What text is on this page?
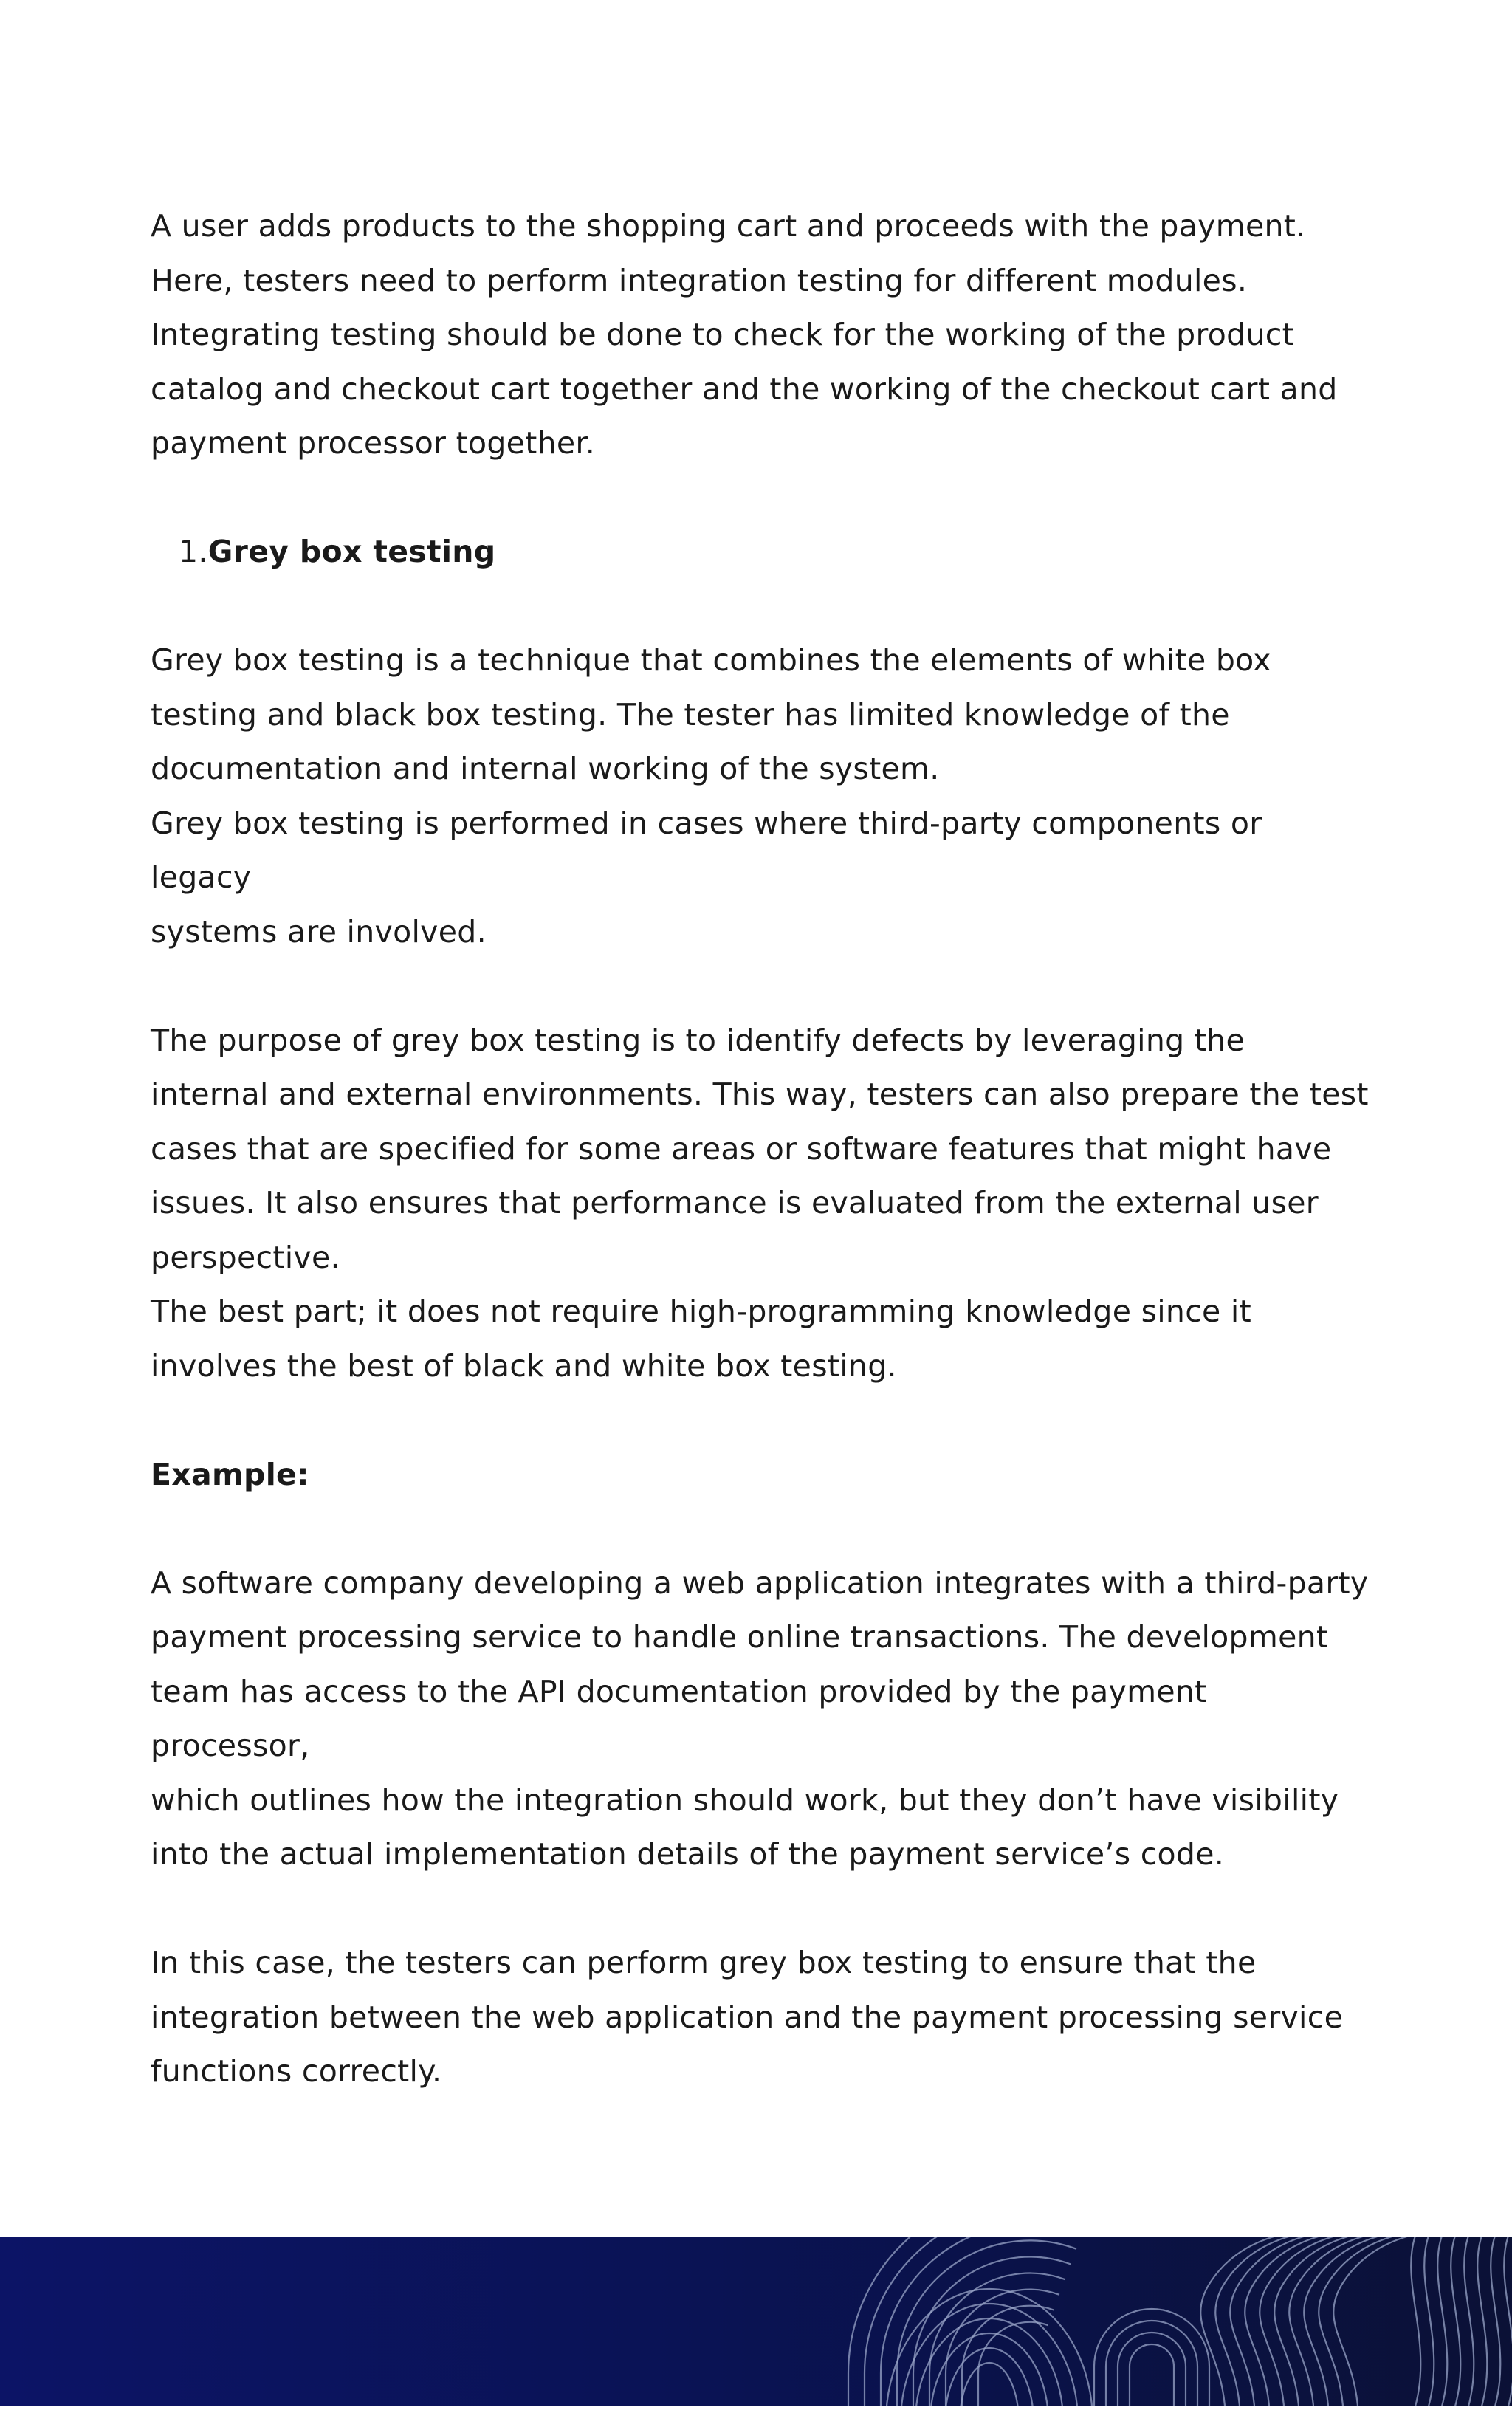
A user adds products to the shopping cart and proceeds with the payment.
Here, testers need to perform integration testing for different modules.
Integrating testing should be done to check for the working of the product
catalog and checkout cart together and the working of the checkout cart and
payment processor together.
1.Grey box testing
Grey box testing is a technique that combines the elements of white box
testing and black box testing. The tester has limited knowledge of the
documentation and internal working of the system.
Grey box testing is performed in cases where third-party components or legacy
systems are involved.
The purpose of grey box testing is to identify defects by leveraging the
internal and external environments. This way, testers can also prepare the test
cases that are specified for some areas or software features that might have
issues. It also ensures that performance is evaluated from the external user
perspective.
The best part; it does not require high-programming knowledge since it
involves the best of black and white box testing.
Example:
A software company developing a web application integrates with a third-party
payment processing service to handle online transactions. The development
team has access to the API documentation provided by the payment processor,
which outlines how the integration should work, but they don’t have visibility
into the actual implementation details of the payment service’s code.
In this case, the testers can perform grey box testing to ensure that the
integration between the web application and the payment processing service
functions correctly.
